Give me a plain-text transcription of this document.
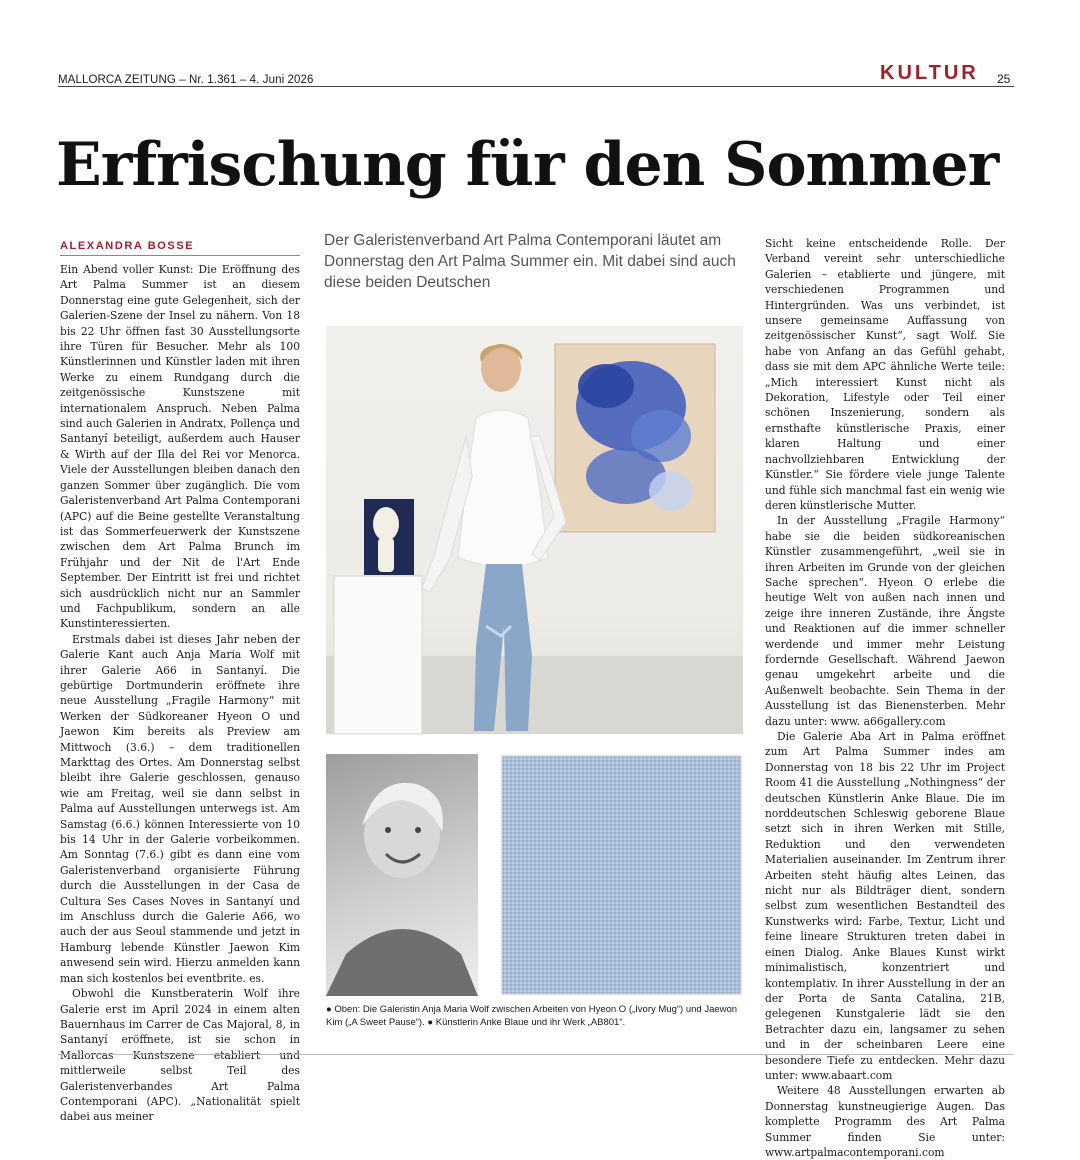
MALLORCA ZEITUNG – Nr. 1.361 – 4. Juni 2026	KULTUR 25
Erfrischung für den Sommer
ALEXANDRA BOSSE

Ein Abend voller Kunst: Die Eröffnung des Art Palma Summer ist an diesem Donnerstag eine gute Gelegenheit, sich der Galerien-Szene der Insel zu nähern. Von 18 bis 22 Uhr öffnen fast 30 Ausstellungsorte ihre Türen für Besucher. Mehr als 100 Künstlerinnen und Künstler laden mit ihren Werke zu einem Rundgang durch die zeitgenössische Kunstszene mit internationalem Anspruch. Neben Palma sind auch Galerien in Andratx, Pollença und Santanyí beteiligt, außerdem auch Hauser & Wirth auf der Illa del Rei vor Menorca. Viele der Ausstellungen bleiben danach den ganzen Sommer über zugänglich. Die vom Galeristenverband Art Palma Contemporani (APC) auf die Beine gestellte Veranstaltung ist das Sommerfeuerwerk der Kunstszene zwischen dem Art Palma Brunch im Frühjahr und der Nit de l'Art Ende September. Der Eintritt ist frei und richtet sich ausdrücklich nicht nur an Sammler und Fachpublikum, sondern an alle Kunstinteressierten.

Erstmals dabei ist dieses Jahr neben der Galerie Kant auch Anja Maria Wolf mit ihrer Galerie A66 in Santanyí. Die gebürtige Dortmunderin eröffnete ihre neue Ausstellung „Fragile Harmony“ mit Werken der Südkoreaner Hyeon O und Jaewon Kim bereits als Preview am Mittwoch (3.6.) – dem traditionellen Markttag des Ortes. Am Donnerstag selbst bleibt ihre Galerie geschlossen, genauso wie am Freitag, weil sie dann selbst in Palma auf Ausstellungen unterwegs ist. Am Samstag (6.6.) können Interessierte von 10 bis 14 Uhr in der Galerie vorbeikommen. Am Sonntag (7.6.) gibt es dann eine vom Galeristenverband organisierte Führung durch die Ausstellungen in der Casa de Cultura Ses Cases Noves in Santanyí und im Anschluss durch die Galerie A66, wo auch der aus Seoul stammende und jetzt in Hamburg lebende Künstler Jaewon Kim anwesend sein wird. Hierzu anmelden kann man sich kostenlos bei eventbrite. es.

Obwohl die Kunstberaterin Wolf ihre Galerie erst im April 2024 in einem alten Bauernhaus im Carrer de Cas Majoral, 8, in Santanyí eröffnete, ist sie schon in Mallorcas Kunstszene etabliert und mittlerweile selbst Teil des Galeristenverbandes Art Palma Contemporani (APC). „Nationalität spielt dabei aus meiner

Der Galeristenverband Art Palma Contemporani läutet am Donnerstag den Art Palma Summer ein. Mit dabei sind auch diese beiden Deutschen
● Oben: Die Galeristin Anja Maria Wolf zwischen Arbeiten von Hyeon O („Ivory Mug“) und Jaewon Kim („A Sweet Pause“). ● Künstlerin Anke Blaue und ihr Werk „AB801“.

Sicht keine entscheidende Rolle. Der Verband vereint sehr unterschiedliche Galerien – etablierte und jüngere, mit verschiedenen Programmen und Hintergründen. Was uns verbindet, ist unsere gemeinsame Auffassung von zeitgenössischer Kunst“, sagt Wolf. Sie habe von Anfang an das Gefühl gehabt, dass sie mit dem APC ähnliche Werte teile: „Mich interessiert Kunst nicht als Dekoration, Lifestyle oder Teil einer schönen Inszenierung, sondern als ernsthafte künstlerische Praxis, einer klaren Haltung und einer nachvollziehbaren Entwicklung der Künstler.“ Sie fördere viele junge Talente und fühle sich manchmal fast ein wenig wie deren künstlerische Mutter.

In der Ausstellung „Fragile Harmony“ habe sie die beiden südkoreanischen Künstler zusammengeführt, „weil sie in ihren Arbeiten im Grunde von der gleichen Sache sprechen“. Hyeon O erlebe die heutige Welt von außen nach innen und zeige ihre inneren Zustände, ihre Ängste und Reaktionen auf die immer schneller werdende und immer mehr Leistung fordernde Gesellschaft. Während Jaewon genau umgekehrt arbeite und die Außenwelt beobachte. Sein Thema in der Ausstellung ist das Bienensterben. Mehr dazu unter: www. a66gallery.com

Die Galerie Aba Art in Palma eröffnet zum Art Palma Summer indes am Donnerstag von 18 bis 22 Uhr im Project Room 41 die Ausstellung „Nothingness“ der deutschen Künstlerin Anke Blaue. Die im norddeutschen Schleswig geborene Blaue setzt sich in ihren Werken mit Stille, Reduktion und den verwendeten Materialien auseinander. Im Zentrum ihrer Arbeiten steht häufig altes Leinen, das nicht nur als Bildträger dient, sondern selbst zum wesentlichen Bestandteil des Kunstwerks wird: Farbe, Textur, Licht und feine lineare Strukturen treten dabei in einen Dialog. Anke Blaues Kunst wirkt minimalistisch, konzentriert und kontemplativ. In ihrer Ausstellung in der an der Porta de Santa Catalina, 21B, gelegenen Kunstgalerie lädt sie den Betrachter dazu ein, langsamer zu sehen und in der scheinbaren Leere eine besondere Tiefe zu entdecken. Mehr dazu unter: www.abaart.com

Weitere 48 Ausstellungen erwarten ab Donnerstag kunstneugierige Augen. Das komplette Programm des Art Palma Summer finden Sie unter: www.artpalmacontemporani.com
